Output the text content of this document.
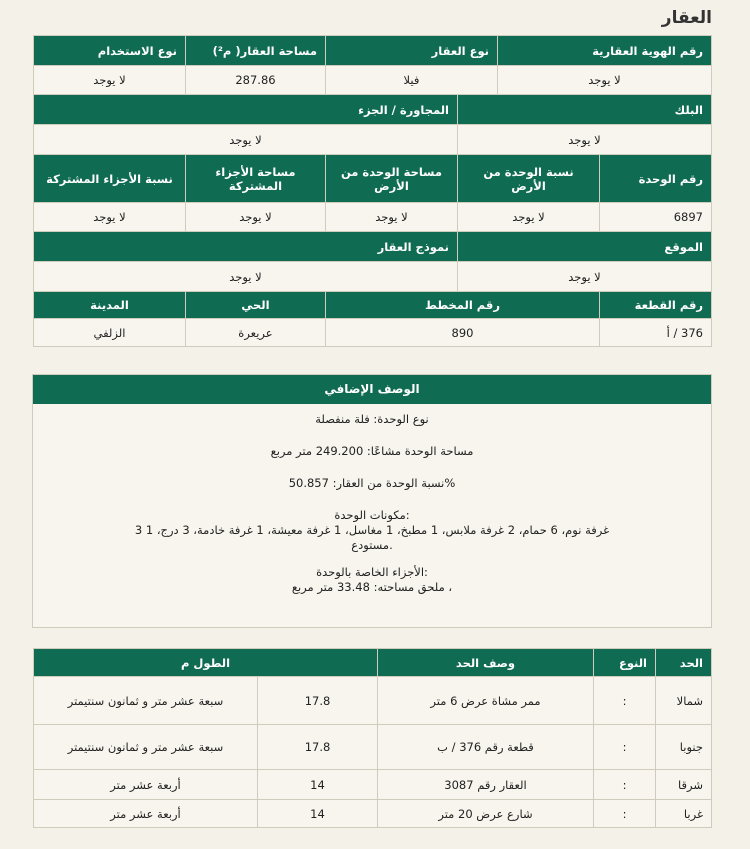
العقار
رقم الهوية العقارية		نوع العقار		مساحة العقار( م²)	نوع الاستخدام
لا يوجد		فيلا		287.86	لا يوجد
البلك			المجاورة / الجزء		
لا يوجد			لا يوجد		
رقم الوحدة	نسبة الوحدة من الأرض		مساحة الوحدة من الأرض	مساحة الأجزاء المشتركة	نسبة الأجزاء المشتركة
6897	لا يوجد		لا يوجد	لا يوجد	لا يوجد
الموقع			نموذج العقار		
لا يوجد			لا يوجد		
رقم القطعة	رقم المخطط			الحي	المدينة
376 / أ	890			عريعرة	الزلفي
الوصف الإضافي

نوع الوحدة: فلة منفصلة

مساحة الوحدة مشاعًا: 249.200 متر مربع

%نسبة الوحدة من العقار: 50.857

:مكونات الوحدة

غرفة نوم، 6 حمام، 2 غرفة ملابس، 1 مطبخ، 1 مغاسل، 1 غرفة معيشة، 1 غرفة خادمة، 3 درج، 1 3

.مستودع

:الأجزاء الخاصة بالوحدة

، ملحق مساحته: 33.48 متر مربع

الحد	النوع	وصف الحد	الطول م	
شمالا	:	ممر مشاة عرض 6 متر	17.8	سبعة عشر متر و ثمانون سنتيمتر
جنوبا	:	قطعة رقم 376 / ب	17.8	سبعة عشر متر و ثمانون سنتيمتر
شرقا	:	العقار رقم 3087	14	أربعة عشر متر
غربا	:	شارع عرض 20 متر	14	أربعة عشر متر
